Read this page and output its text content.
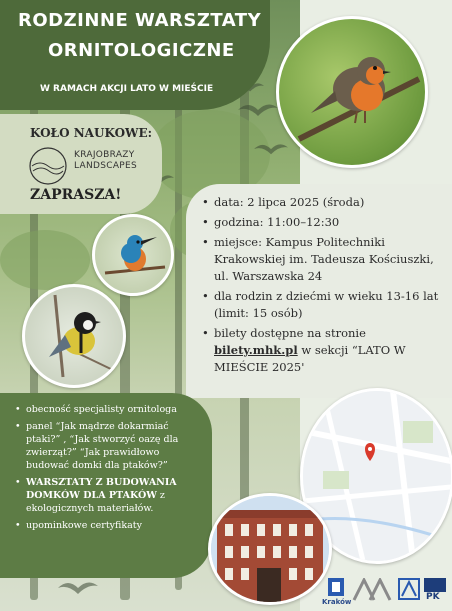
RODZINNE WARSZTATY
ORNITOLOGICZNE
W RAMACH AKCJI LATO W MIEŚCIE
KOŁO NAUKOWE:
KRAJOBRAZY
LANDSCAPES
ZAPRASZA!
•	data: 2 lipca 2025 (środa)
• godzina: 11:00–12:30
• miejsce: Kampus Politechniki Krakowskiej im. Tadeusza Kościuszki, ul. Warszawska 24
• dla rodzin z dziećmi w wieku 13-16 lat (limit: 15 osób)
• bilety dostępne na stronie bilety.mhk.pl w sekcji “LATO W MIEŚCIE 2025'
• obecność specjalisty ornitologa
• panel “Jak mądrze dokarmiać ptaki?” , “Jak stworzyć oazę dla zwierząt?” “Jak prawidłowo budować domki dla ptaków?”
• WARSZTATY Z BUDOWANIA DOMKÓW DLA PTAKÓW z ekologicznych materiałów.
• upominkowe certyfikaty
Kraków	PK
